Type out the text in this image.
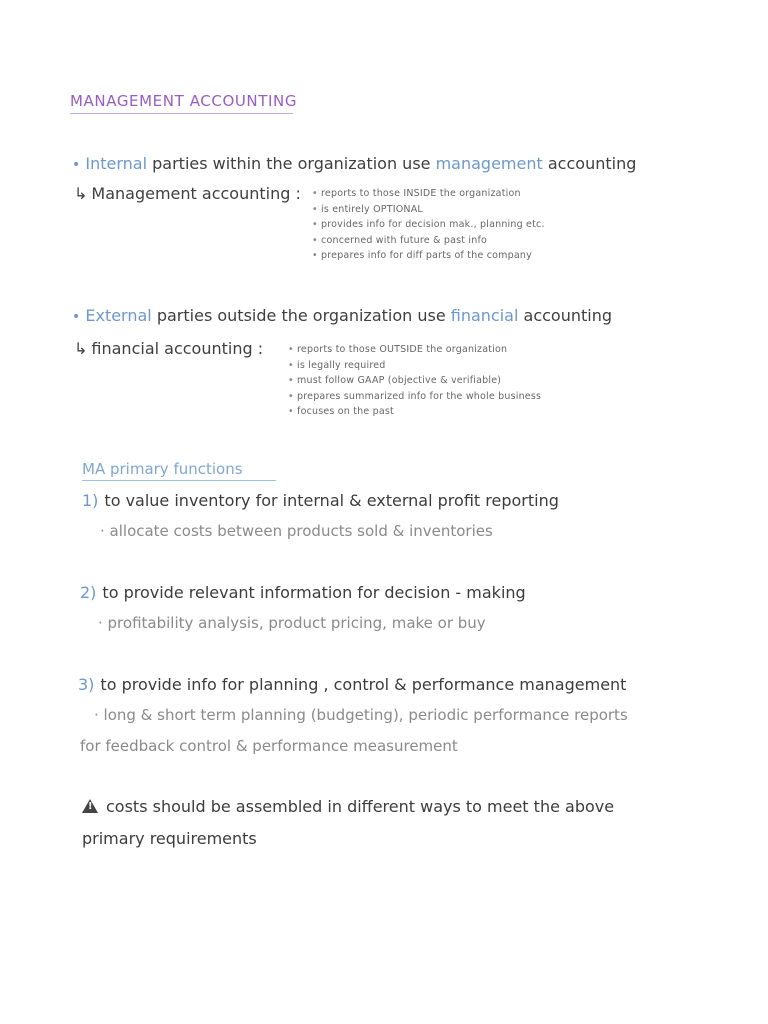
MANAGEMENT ACCOUNTING
• Internal parties within the organization use management accounting
↳ Management accounting :	• reports to those INSIDE the organization
• is entirely OPTIONAL
• provides info for decision mak., planning etc.
• concerned with future & past info
• prepares info for diff parts of the company
• External parties outside the organization use financial accounting
↳ financial accounting :	• reports to those OUTSIDE the organization
• is legally required
• must follow GAAP (objective & verifiable)
• prepares summarized info for the whole business
• focuses on the past
MA primary functions
1) to value inventory for internal & external profit reporting
· allocate costs between products sold & inventories
2) to provide relevant information for decision - making
· profitability analysis, product pricing, make or buy
3) to provide info for planning , control & performance management
· long & short term planning (budgeting), periodic performance reports
for feedback control & performance measurement
!costs should be assembled in different ways to meet the above
primary requirements
